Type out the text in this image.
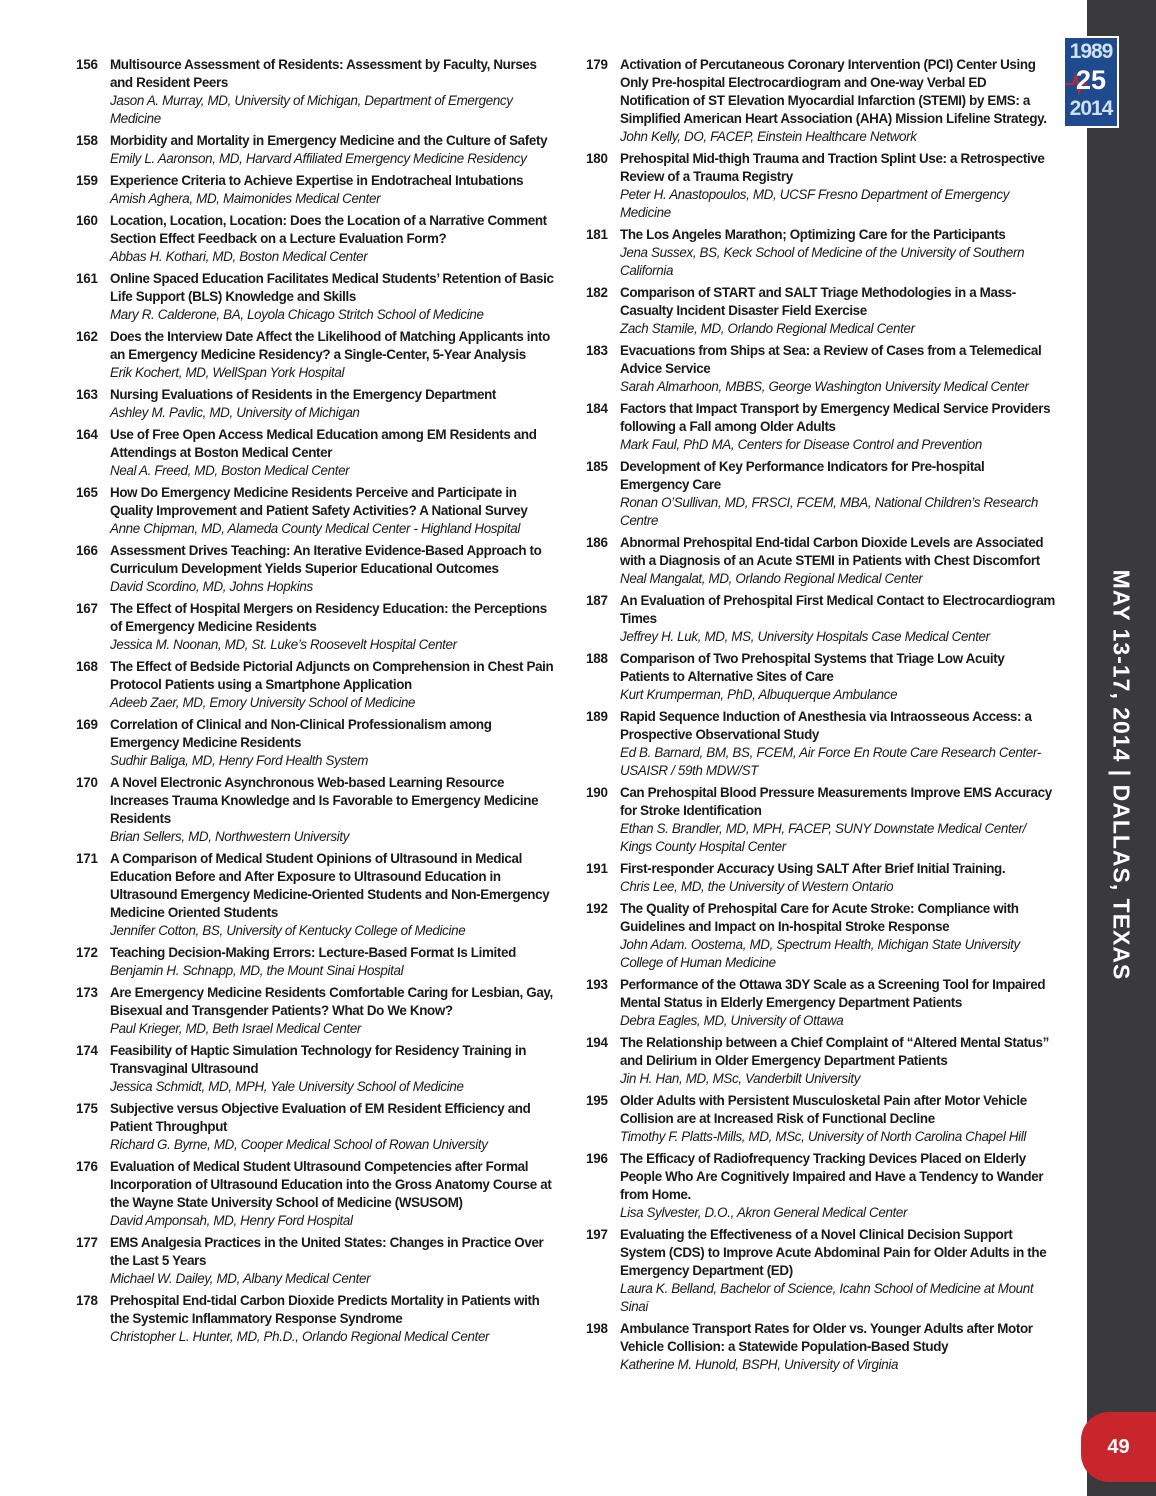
156 Multisource Assessment of Residents: Assessment by Faculty, Nurses and Resident Peers
Jason A. Murray, MD, University of Michigan, Department of Emergency Medicine
158 Morbidity and Mortality in Emergency Medicine and the Culture of Safety
Emily L. Aaronson, MD, Harvard Affiliated Emergency Medicine Residency
159 Experience Criteria to Achieve Expertise in Endotracheal Intubations
Amish Aghera, MD, Maimonides Medical Center
160 Location, Location, Location: Does the Location of a Narrative Comment Section Effect Feedback on a Lecture Evaluation Form?
Abbas H. Kothari, MD, Boston Medical Center
161 Online Spaced Education Facilitates Medical Students’ Retention of Basic Life Support (BLS) Knowledge and Skills
Mary R. Calderone, BA, Loyola Chicago Stritch School of Medicine
162 Does the Interview Date Affect the Likelihood of Matching Applicants into an Emergency Medicine Residency? a Single-Center, 5-Year Analysis
Erik Kochert, MD, WellSpan York Hospital
163 Nursing Evaluations of Residents in the Emergency Department
Ashley M. Pavlic, MD, University of Michigan
164 Use of Free Open Access Medical Education among EM Residents and Attendings at Boston Medical Center
Neal A. Freed, MD, Boston Medical Center
165 How Do Emergency Medicine Residents Perceive and Participate in Quality Improvement and Patient Safety Activities? A National Survey
Anne Chipman, MD, Alameda County Medical Center - Highland Hospital
166 Assessment Drives Teaching: An Iterative Evidence-Based Approach to Curriculum Development Yields Superior Educational Outcomes
David Scordino, MD, Johns Hopkins
167 The Effect of Hospital Mergers on Residency Education: the Perceptions of Emergency Medicine Residents
Jessica M. Noonan, MD, St. Luke’s Roosevelt Hospital Center
168 The Effect of Bedside Pictorial Adjuncts on Comprehension in Chest Pain Protocol Patients using a Smartphone Application
Adeeb Zaer, MD, Emory University School of Medicine
169 Correlation of Clinical and Non-Clinical Professionalism among Emergency Medicine Residents
Sudhir Baliga, MD, Henry Ford Health System
170 A Novel Electronic Asynchronous Web-based Learning Resource Increases Trauma Knowledge and Is Favorable to Emergency Medicine Residents
Brian Sellers, MD, Northwestern University
171 A Comparison of Medical Student Opinions of Ultrasound in Medical Education Before and After Exposure to Ultrasound Education in Ultrasound Emergency Medicine-Oriented Students and Non-Emergency Medicine Oriented Students
Jennifer Cotton, BS, University of Kentucky College of Medicine
172 Teaching Decision-Making Errors: Lecture-Based Format Is Limited
Benjamin H. Schnapp, MD, the Mount Sinai Hospital
173 Are Emergency Medicine Residents Comfortable Caring for Lesbian, Gay, Bisexual and Transgender Patients? What Do We Know?
Paul Krieger, MD, Beth Israel Medical Center
174 Feasibility of Haptic Simulation Technology for Residency Training in Transvaginal Ultrasound
Jessica Schmidt, MD, MPH, Yale University School of Medicine
175 Subjective versus Objective Evaluation of EM Resident Efficiency and Patient Throughput
Richard G. Byrne, MD, Cooper Medical School of Rowan University
176 Evaluation of Medical Student Ultrasound Competencies after Formal Incorporation of Ultrasound Education into the Gross Anatomy Course at the Wayne State University School of Medicine (WSUSOM)
David Amponsah, MD, Henry Ford Hospital
177 EMS Analgesia Practices in the United States: Changes in Practice Over the Last 5 Years
Michael W. Dailey, MD, Albany Medical Center
178 Prehospital End-tidal Carbon Dioxide Predicts Mortality in Patients with the Systemic Inflammatory Response Syndrome
Christopher L. Hunter, MD, Ph.D., Orlando Regional Medical Center
179 Activation of Percutaneous Coronary Intervention (PCI) Center Using Only Pre-hospital Electrocardiogram and One-way Verbal ED Notification of ST Elevation Myocardial Infarction (STEMI) by EMS: a Simplified American Heart Association (AHA) Mission Lifeline Strategy.
John Kelly, DO, FACEP, Einstein Healthcare Network
180 Prehospital Mid-thigh Trauma and Traction Splint Use: a Retrospective Review of a Trauma Registry
Peter H. Anastopoulos, MD, UCSF Fresno Department of Emergency Medicine
181 The Los Angeles Marathon; Optimizing Care for the Participants
Jena Sussex, BS, Keck School of Medicine of the University of Southern California
182 Comparison of START and SALT Triage Methodologies in a Mass-Casualty Incident Disaster Field Exercise
Zach Stamile, MD, Orlando Regional Medical Center
183 Evacuations from Ships at Sea: a Review of Cases from a Telemedical Advice Service
Sarah Almarhoon, MBBS, George Washington University Medical Center
184 Factors that Impact Transport by Emergency Medical Service Providers following a Fall among Older Adults
Mark Faul, PhD MA, Centers for Disease Control and Prevention
185 Development of Key Performance Indicators for Pre-hospital Emergency Care
Ronan O’Sullivan, MD, FRSCI, FCEM, MBA, National Children’s Research Centre
186 Abnormal Prehospital End-tidal Carbon Dioxide Levels are Associated with a Diagnosis of an Acute STEMI in Patients with Chest Discomfort
Neal Mangalat, MD, Orlando Regional Medical Center
187 An Evaluation of Prehospital First Medical Contact to Electrocardiogram Times
Jeffrey H. Luk, MD, MS, University Hospitals Case Medical Center
188 Comparison of Two Prehospital Systems that Triage Low Acuity Patients to Alternative Sites of Care
Kurt Krumperman, PhD, Albuquerque Ambulance
189 Rapid Sequence Induction of Anesthesia via Intraosseous Access: a Prospective Observational Study
Ed B. Barnard, BM, BS, FCEM, Air Force En Route Care Research Center-USAISR / 59th MDW/ST
190 Can Prehospital Blood Pressure Measurements Improve EMS Accuracy for Stroke Identification
Ethan S. Brandler, MD, MPH, FACEP, SUNY Downstate Medical Center/ Kings County Hospital Center
191 First-responder Accuracy Using SALT After Brief Initial Training.
Chris Lee, MD, the University of Western Ontario
192 The Quality of Prehospital Care for Acute Stroke: Compliance with Guidelines and Impact on In-hospital Stroke Response
John Adam. Oostema, MD, Spectrum Health, Michigan State University College of Human Medicine
193 Performance of the Ottawa 3DY Scale as a Screening Tool for Impaired Mental Status in Elderly Emergency Department Patients
Debra Eagles, MD, University of Ottawa
194 The Relationship between a Chief Complaint of “Altered Mental Status” and Delirium in Older Emergency Department Patients
Jin H. Han, MD, MSc, Vanderbilt University
195 Older Adults with Persistent Musculosketal Pain after Motor Vehicle Collision are at Increased Risk of Functional Decline
Timothy F. Platts-Mills, MD, MSc, University of North Carolina Chapel Hill
196 The Efficacy of Radiofrequency Tracking Devices Placed on Elderly People Who Are Cognitively Impaired and Have a Tendency to Wander from Home.
Lisa Sylvester, D.O., Akron General Medical Center
197 Evaluating the Effectiveness of a Novel Clinical Decision Support System (CDS) to Improve Acute Abdominal Pain for Older Adults in the Emergency Department (ED)
Laura K. Belland, Bachelor of Science, Icahn School of Medicine at Mount Sinai
198 Ambulance Transport Rates for Older vs. Younger Adults after Motor Vehicle Collision: a Statewide Population-Based Study
Katherine M. Hunold, BSPH, University of Virginia
1989
25
2014
MAY 13-17, 2014 | DALLAS, TEXAS
49
